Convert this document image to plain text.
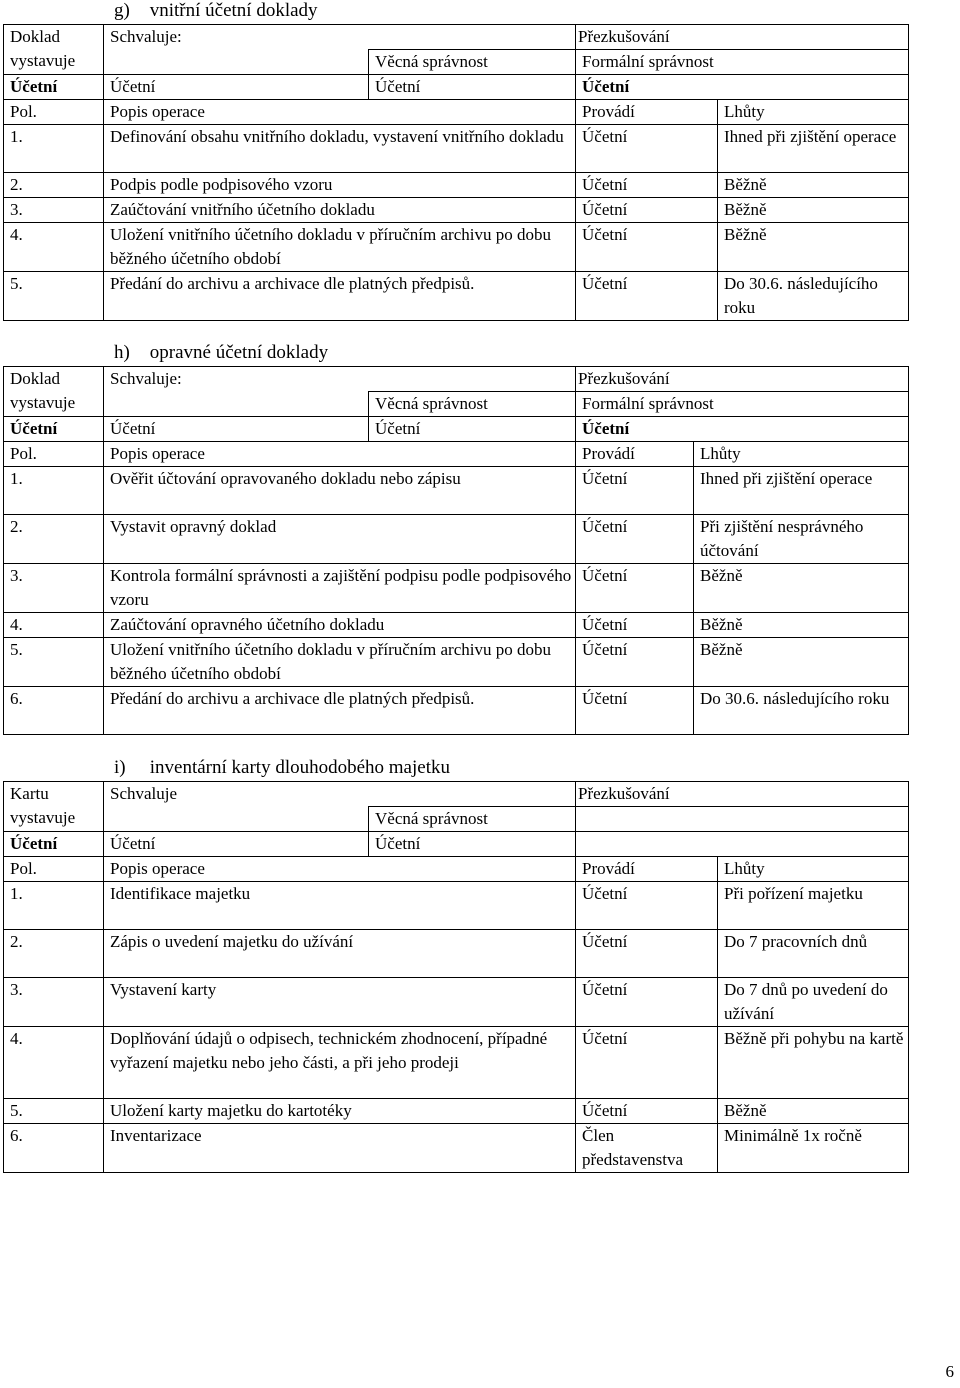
g) vnitřní účetní doklady
Doklad vystavuje	Schvaluje:		Přezkušování	
		Věcná správnost	Formální správnost	
Účetní	Účetní	Účetní	Účetní	
Pol.	Popis operace		Provádí	Lhůty
1.	Definování obsahu vnitřního dokladu, vystavení vnitřního dokladu		Účetní	Ihned při zjištění operace
2.	Podpis podle podpisového vzoru		Účetní	Běžně
3.	Zaúčtování vnitřního účetního dokladu		Účetní	Běžně
4.	Uložení vnitřního účetního dokladu v příručním archivu po dobu běžného účetního období		Účetní	Běžně
5.	Předání do archivu a archivace dle platných předpisů.		Účetní	Do 30.6. následujícího roku
h) opravné účetní doklady
Doklad vystavuje	Schvaluje:		Přezkušování	
		Věcná správnost	Formální správnost	
Účetní	Účetní	Účetní	Účetní	
Pol.	Popis operace		Provádí	Lhůty
1.	Ověřit účtování opravovaného dokladu nebo zápisu		Účetní	Ihned při zjištění operace
2.	Vystavit opravný doklad		Účetní	Při zjištění nesprávného účtování
3.	Kontrola formální správnosti a zajištění podpisu podle podpisového vzoru		Účetní	Běžně
4.	Zaúčtování opravného účetního dokladu		Účetní	Běžně
5.	Uložení vnitřního účetního dokladu v příručním archivu po dobu běžného účetního období		Účetní	Běžně
6.	Předání do archivu a archivace dle platných předpisů.		Účetní	Do 30.6. následujícího roku
i) inventární karty dlouhodobého majetku
Kartu vystavuje	Schvaluje		Přezkušování	
		Věcná správnost		
Účetní	Účetní	Účetní		
Pol.	Popis operace		Provádí	Lhůty
1.	Identifikace majetku		Účetní	Při pořízení majetku
2.	Zápis o uvedení majetku do užívání		Účetní	Do 7 pracovních dnů
3.	Vystavení karty		Účetní	Do 7 dnů po uvedení do užívání
4.	Doplňování údajů o odpisech, technickém zhodnocení, případné vyřazení majetku nebo jeho části, a při jeho prodeji		Účetní	Běžně při pohybu na kartě
5.	Uložení karty majetku do kartotéky		Účetní	Běžně
6.	Inventarizace		Člen představenstva	Minimálně 1x ročně
6
